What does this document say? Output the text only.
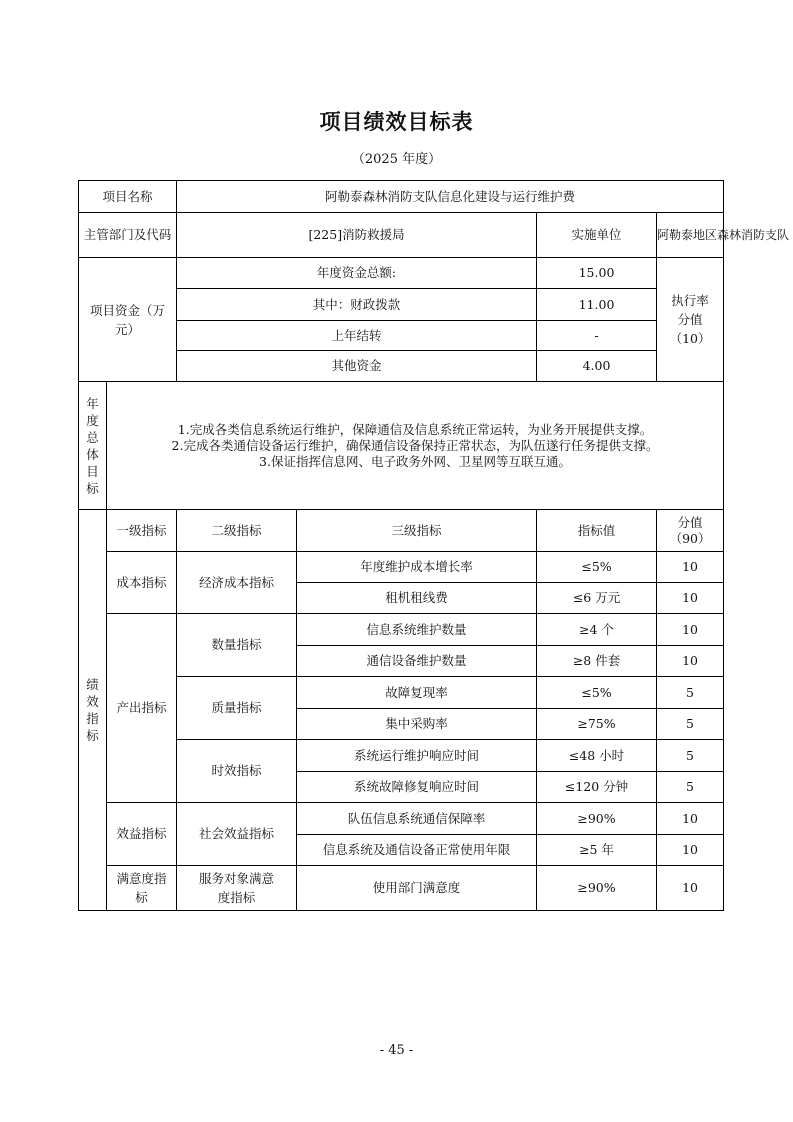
项目绩效目标表
（2025 年度）
项目名称		阿勒泰森林消防支队信息化建设与运行维护费			
主管部门及代码		[225]消防救援局		实施单位	阿勒泰地区森林消防支队

项目资金（万元）		年度资金总额:		15.00	执行率分值（10）

		其中：财政拨款		11.00	
		上年结转		-	
		其他资金		4.00	

年度总体目标	1.完成各类信息系统运行维护，保障通信及信息系统正常运转，为业务开展提供支撑。
2.完成各类通信设备运行维护，确保通信设备保持正常状态，为队伍遂行任务提供支撑。
3.保证指挥信息网、电子政务外网、卫星网等互联互通。				

绩效指标	一级指标	二级指标	三级指标	指标值	分值（90）

	成本指标	经济成本指标	年度维护成本增长率	≤5%	10
			租机租线费	≤6 万元	10
	产出指标	数量指标	信息系统维护数量	≥4 个	10
			通信设备维护数量	≥8 件套	10
		质量指标	故障复现率	≤5%	5
			集中采购率	≥75%	5
		时效指标	系统运行维护响应时间	≤48 小时	5
			系统故障修复响应时间	≤120 分钟	5
	效益指标	社会效益指标	队伍信息系统通信保障率	≥90%	10
			信息系统及通信设备正常使用年限	≥5 年	10

	满意度指标	服务对象满意度指标	使用部门满意度	≥90%	10
- 45 -
